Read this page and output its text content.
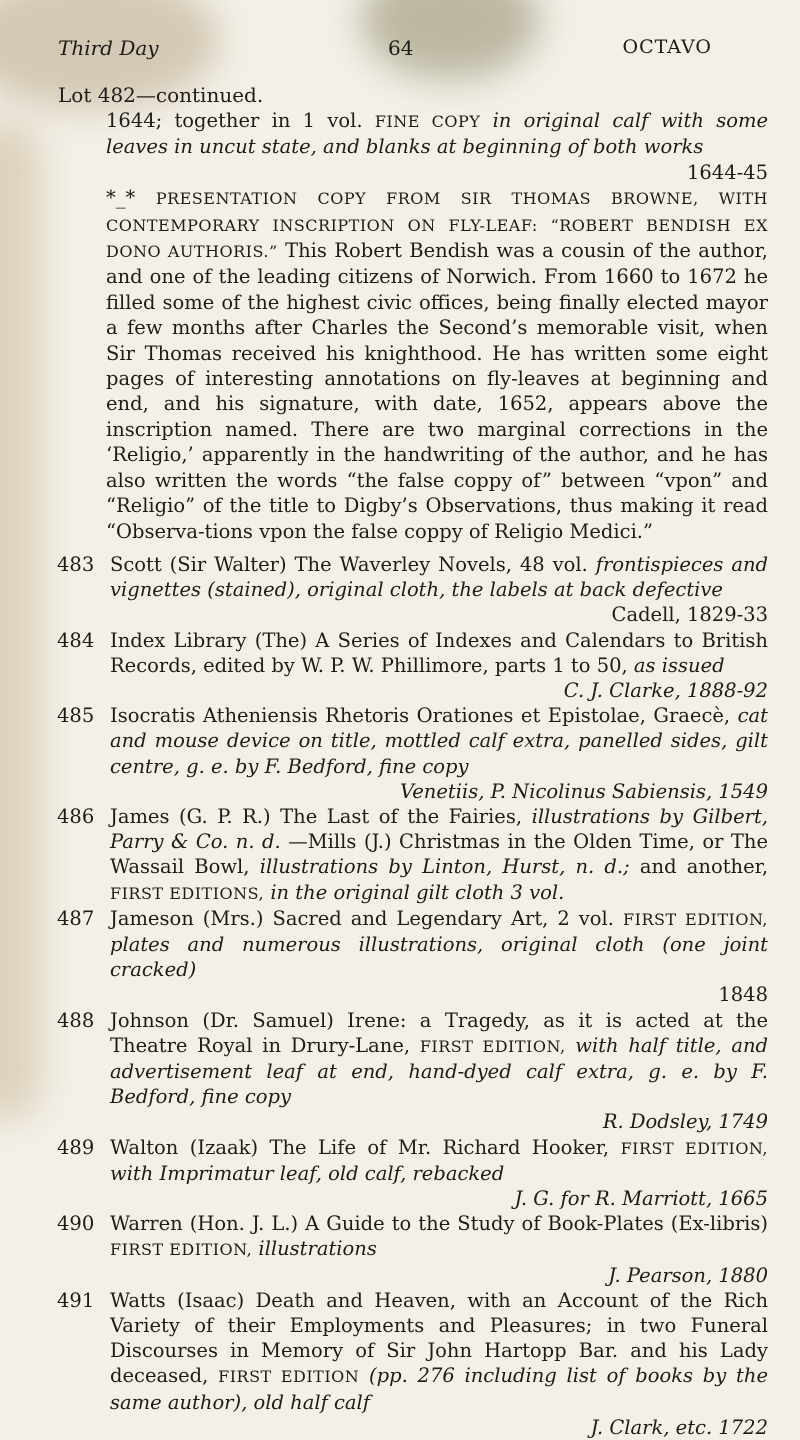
Third Day	64	OCTAVO

Lot 482—continued.

1644; together in 1 vol. FINE COPY in original calf with some leaves in uncut state, and blanks at beginning of both works
1644-45

*_* PRESENTATION COPY FROM SIR THOMAS BROWNE, WITH CONTEMPORARY INSCRIPTION ON FLY-LEAF: “ROBERT BENDISH EX DONO AUTHORIS.” This Robert Bendish was a cousin of the author, and one of the leading citizens of Norwich. From 1660 to 1672 he filled some of the highest civic offices, being finally elected mayor a few months after Charles the Second’s memorable visit, when Sir Thomas received his knighthood. He has written some eight pages of interesting annotations on fly-leaves at beginning and end, and his signature, with date, 1652, appears above the inscription named. There are two marginal corrections in the ‘Religio,’ apparently in the handwriting of the author, and he has also written the words “the false coppy of” between “vpon” and “Religio” of the title to Digby’s Observations, thus making it read “Observa-tions vpon the false coppy of Religio Medici.”

483 Scott (Sir Walter) The Waverley Novels, 48 vol. frontispieces and vignettes (stained), original cloth, the labels at back defective
Cadell, 1829-33

484 Index Library (The) A Series of Indexes and Calendars to British Records, edited by W. P. W. Phillimore, parts 1 to 50, as issued
C. J. Clarke, 1888-92

485 Isocratis Atheniensis Rhetoris Orationes et Epistolae, Graecè, cat and mouse device on title, mottled calf extra, panelled sides, gilt centre, g. e. by F. Bedford, fine copy
Venetiis, P. Nicolinus Sabiensis, 1549

486 James (G. P. R.) The Last of the Fairies, illustrations by Gilbert, Parry & Co. n. d. —Mills (J.) Christmas in the Olden Time, or The Wassail Bowl, illustrations by Linton, Hurst, n. d.; and another, FIRST EDITIONS, in the original gilt cloth 3 vol.

487 Jameson (Mrs.) Sacred and Legendary Art, 2 vol. FIRST EDITION, plates and numerous illustrations, original cloth (one joint cracked)
1848

488 Johnson (Dr. Samuel) Irene: a Tragedy, as it is acted at the Theatre Royal in Drury-Lane, FIRST EDITION, with half title, and advertisement leaf at end, hand-dyed calf extra, g. e. by F. Bedford, fine copy
R. Dodsley, 1749

489 Walton (Izaak) The Life of Mr. Richard Hooker, FIRST EDITION, with Imprimatur leaf, old calf, rebacked
J. G. for R. Marriott, 1665

490 Warren (Hon. J. L.) A Guide to the Study of Book-Plates (Ex-libris) FIRST EDITION, illustrations
J. Pearson, 1880

491 Watts (Isaac) Death and Heaven, with an Account of the Rich Variety of their Employments and Pleasures; in two Funeral Discourses in Memory of Sir John Hartopp Bar. and his Lady deceased, FIRST EDITION (pp. 276 including list of books by the same author), old half calf
J. Clark, etc. 1722
